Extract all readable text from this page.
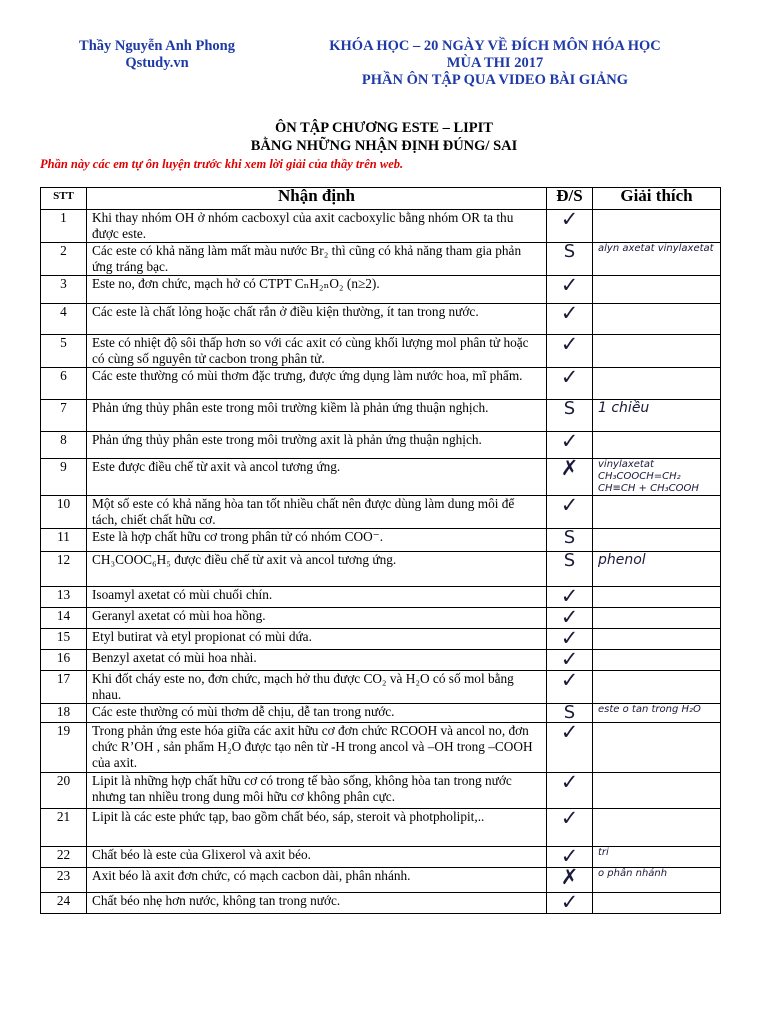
Thầy Nguyễn Anh Phong
Qstudy.vn
KHÓA HỌC – 20 NGÀY VỀ ĐÍCH MÔN HÓA HỌC
MÙA THI 2017
PHẦN ÔN TẬP QUA VIDEO BÀI GIẢNG
ÔN TẬP CHƯƠNG ESTE – LIPIT
BẰNG NHỮNG NHẬN ĐỊNH ĐÚNG/ SAI
Phần này các em tự ôn luyện trước khi xem lời giải của thầy trên web.
STT	Nhận định	Đ/S	Giải thích
1	Khi thay nhóm OH ở nhóm cacboxyl của axit cacboxylic bằng nhóm OR ta thu được este.	✓	
2	Các este có khả năng làm mất màu nước Br₂ thì cũng có khả năng tham gia phản ứng tráng bạc.	S	alyn axetat vinylaxetat

3	Este no, đơn chức, mạch hở có CTPT CₙH₂ₙO₂ (n≥2).	✓	
4	Các este là chất lỏng hoặc chất rắn ở điều kiện thường, ít tan trong nước.	✓	
5	Este có nhiệt độ sôi thấp hơn so với các axit có cùng khối lượng mol phân tử hoặc có cùng số nguyên tử cacbon trong phân tử.	✓	
6	Các este thường có mùi thơm đặc trưng, được ứng dụng làm nước hoa, mĩ phẩm.	✓	
7	Phản ứng thủy phân este trong môi trường kiềm là phản ứng thuận nghịch.	S	1 chiều

8	Phản ứng thủy phân este trong môi trường axit là phản ứng thuận nghịch.	✓	
9	Este được điều chế từ axit và ancol tương ứng.	✗	vinylaxetat CH₃COOCH=CH₂ CH≡CH + CH₃COOH

10	Một số este có khả năng hòa tan tốt nhiều chất nên được dùng làm dung môi để tách, chiết chất hữu cơ.	✓	
11	Este là hợp chất hữu cơ trong phân tử có nhóm COO⁻.	S	
12	CH₃COOC₆H₅ được điều chế từ axit và ancol tương ứng.	S	phenol

13	Isoamyl axetat có mùi chuối chín.	✓	
14	Geranyl axetat có mùi hoa hồng.	✓	
15	Etyl butirat và etyl propionat có mùi dứa.	✓	
16	Benzyl axetat có mùi hoa nhài.	✓	
17	Khi đốt cháy este no, đơn chức, mạch hở thu được CO₂ và H₂O có số mol bằng nhau.	✓	
18	Các este thường có mùi thơm dễ chịu, dễ tan trong nước.	S	este o tan trong H₂O

19	Trong phản ứng este hóa giữa các axit hữu cơ đơn chức RCOOH và ancol no, đơn chức R’OH , sản phẩm H₂O được tạo nên từ -H trong ancol và –OH trong –COOH của axit.	✓	
20	Lipit là những hợp chất hữu cơ có trong tế bào sống, không hòa tan trong nước nhưng tan nhiều trong dung môi hữu cơ không phân cực.	✓	
21	Lipit là các este phức tạp, bao gồm chất béo, sáp, steroit và photpholipit,..	✓	
22	Chất béo là este của Glixerol và axit béo.	✓	tri

23	Axit béo là axit đơn chức, có mạch cacbon dài, phân nhánh.	✗	o phân nhánh

24	Chất béo nhẹ hơn nước, không tan trong nước.	✓	
